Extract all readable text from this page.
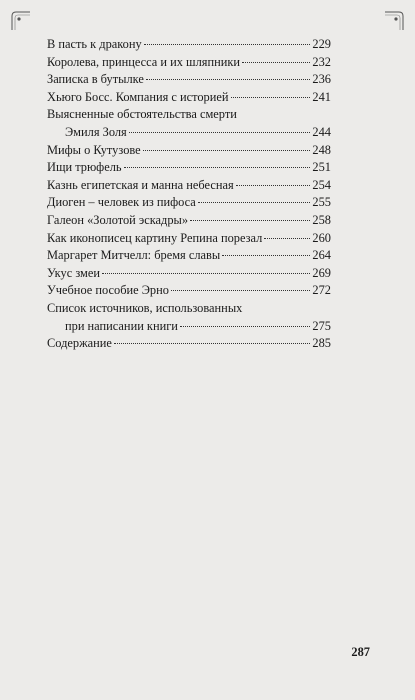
В пасть к дракону	229
Королева, принцесса и их шляпники	232
Записка в бутылке	236
Хьюго Босс. Компания с историей	241
Выясненные обстоятельства смерти
Эмиля Золя	244
Мифы о Кутузове	248
Ищи трюфель	251
Казнь египетская и манна небесная	254
Диоген – человек из пифоса	255
Галеон «Золотой эскадры»	258
Как иконописец картину Репина порезал	260
Маргарет Митчелл: бремя славы	264
Укус змеи	269
Учебное пособие Эрно	272
Список источников, использованных
при написании книги	275
Содержание	285
287
